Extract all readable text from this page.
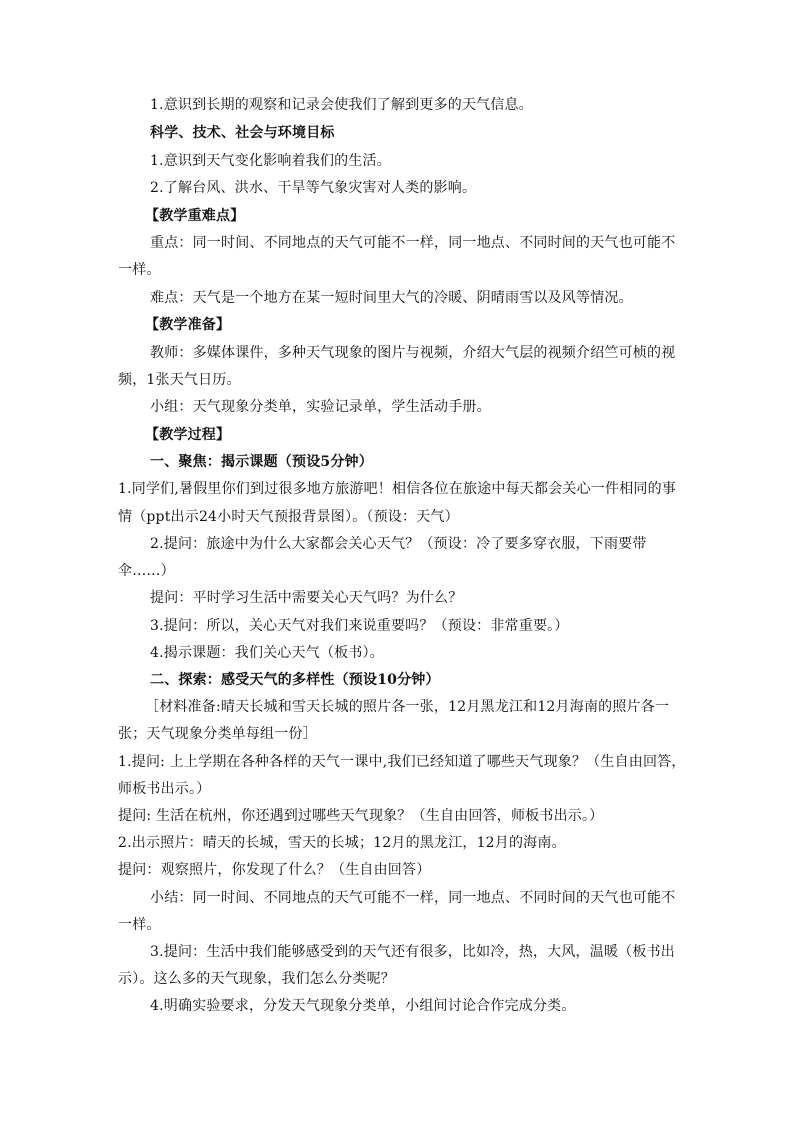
1.意识到长期的观察和记录会使我们了解到更多的天气信息。
科学、技术、社会与环境目标
1.意识到天气变化影响着我们的生活。
2.了解台风、洪水、干旱等气象灾害对人类的影响。
【教学重难点】
重点：同一时间、不同地点的天气可能不一样，同一地点、不同时间的天气也可能不
一样。
难点：天气是一个地方在某一短时间里大气的冷暖、阴晴雨雪以及风等情况。
【教学准备】
教师：多媒体课件，多种天气现象的图片与视频，介绍大气层的视频介绍竺可桢的视
频，1张天气日历。
小组：天气现象分类单，实验记录单，学生活动手册。
【教学过程】
一、聚焦：揭示课题（预设5分钟）
1.同学们,暑假里你们到过很多地方旅游吧！相信各位在旅途中每天都会关心一件相同的事
情（ppt出示24小时天气预报背景图）。（预设：天气）
2.提问：旅途中为什么大家都会关心天气？（预设：冷了要多穿衣服，下雨要带
伞……）
提问：平时学习生活中需要关心天气吗？为什么？
3.提问：所以，关心天气对我们来说重要吗？（预设：非常重要。）
4.揭示课题：我们关心天气（板书）。
二、探索：感受天气的多样性（预设10分钟）
［材料准备:晴天长城和雪天长城的照片各一张，12月黑龙江和12月海南的照片各一
张；天气现象分类单每组一份］
1.提问: 上上学期在各种各样的天气一课中,我们已经知道了哪些天气现象？（生自由回答，
师板书出示。）
提问: 生活在杭州，你还遇到过哪些天气现象？（生自由回答，师板书出示。）
2.出示照片：晴天的长城，雪天的长城；12月的黑龙江，12月的海南。
提问：观察照片，你发现了什么？（生自由回答）
小结：同一时间、不同地点的天气可能不一样，同一地点、不同时间的天气也可能不
一样。
3.提问：生活中我们能够感受到的天气还有很多，比如冷，热，大风，温暖（板书出
示）。这么多的天气现象，我们怎么分类呢？
4.明确实验要求，分发天气现象分类单，小组间讨论合作完成分类。
